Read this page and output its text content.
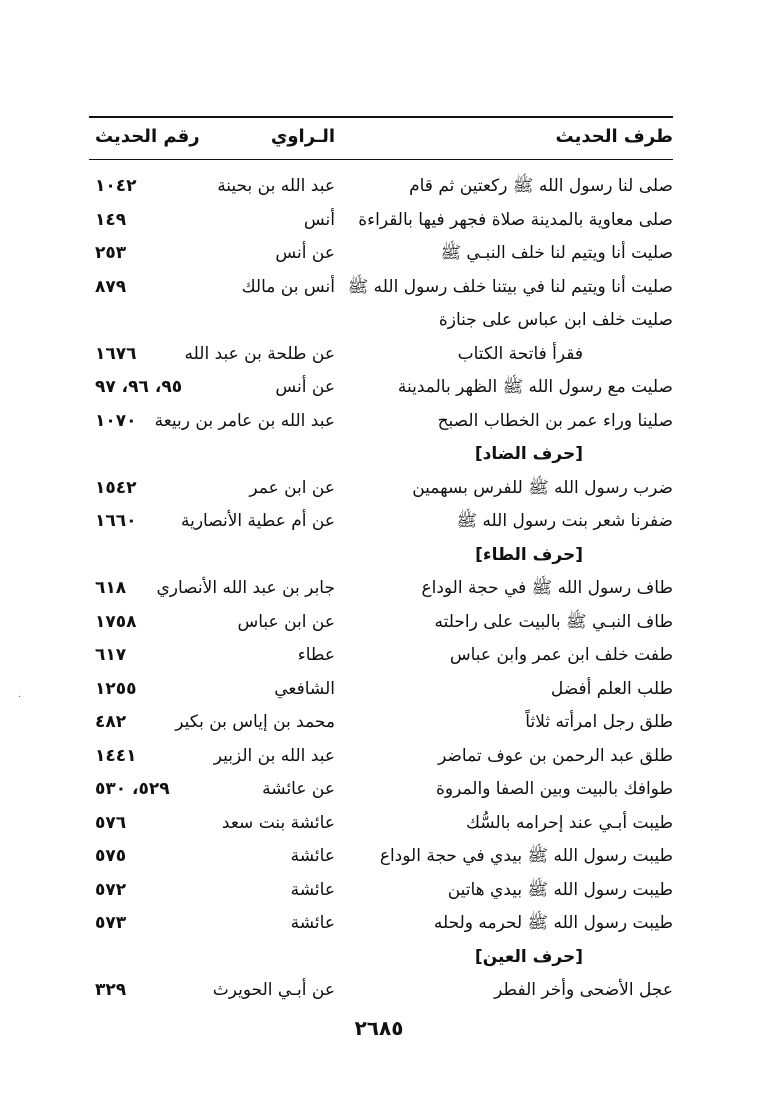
طرف الحديث
الـراوي
رقم الحديث
صلى لنا رسول الله ﷺ ركعتين ثم قام
عبد الله بن بحينة
١٠٤٢
صلى معاوية بالمدينة صلاة فجهر فيها بالقراءة
أنس
١٤٩
صليت أنا ويتيم لنا خلف النبـي ﷺ
عن أنس
٢٥٣
صليت أنا ويتيم لنا في بيتنا خلف رسول الله ﷺ
أنس بن مالك
٨٧٩
صليت خلف ابن عباس على جنازة
فقرأ فاتحة الكتاب
عن طلحة بن عبد الله
١٦٧٦
صليت مع رسول الله ﷺ الظهر بالمدينة
عن أنس
٩٥، ٩٦، ٩٧
صلينا وراء عمر بن الخطاب الصبح
عبد الله بن عامر بن ربيعة
١٠٧٠
[حرف الضاد]
ضرب رسول الله ﷺ للفرس بسهمين
عن ابن عمر
١٥٤٢
ضفرنا شعر بنت رسول الله ﷺ
عن أم عطية الأنصارية
١٦٦٠
[حرف الطاء]
طاف رسول الله ﷺ في حجة الوداع
جابر بن عبد الله الأنصاري
٦١٨
طاف النبـي ﷺ بالبيت على راحلته
عن ابن عباس
١٧٥٨
طفت خلف ابن عمر وابن عباس
عطاء
٦١٧
طلب العلم أفضل
الشافعي
١٢٥٥
طلق رجل امرأته ثلاثاً
محمد بن إياس بن بكير
٤٨٢
طلق عبد الرحمن بن عوف تماضر
عبد الله بن الزبير
١٤٤١
طوافك بالبيت وبين الصفا والمروة
عن عائشة
٥٢٩، ٥٣٠
طيبت أبـي عند إحرامه بالسُّك
عائشة بنت سعد
٥٧٦
طيبت رسول الله ﷺ بيدي في حجة الوداع
عائشة
٥٧٥
طيبت رسول الله ﷺ بيدي هاتين
عائشة
٥٧٢
طيبت رسول الله ﷺ لحرمه ولحله
عائشة
٥٧٣
[حرف العين]
عجل الأضحى وأخر الفطر
عن أبـي الحويرث
٣٢٩
٢٦٨٥
·
